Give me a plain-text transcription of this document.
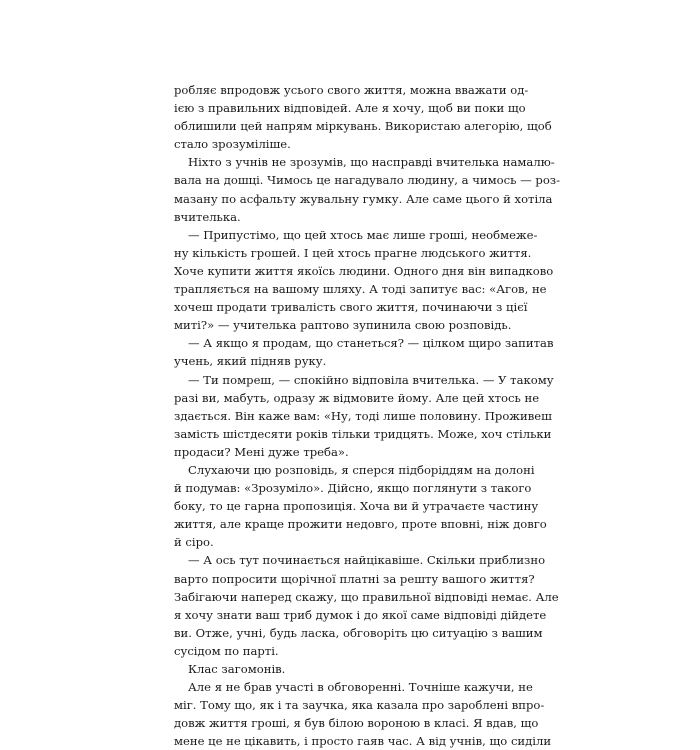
робляє впродовж усього свого життя, можна вважати од-
ією з правильних відповідей. Але я хочу, щоб ви поки що
облишили цей напрям міркувань. Використаю алегорію, щоб
стало зрозуміліше.
Ніхто з учнів не зрозумів, що насправді вчителька намалю-
вала на дошці. Чимось це нагадувало людину, а чимось — роз-
мазану по асфальту жувальну гумку. Але саме цього й хотіла
вчителька.
— Припустімо, що цей хтось має лише гроші, необмеже-
ну кількість грошей. І цей хтось прагне людського життя.
Хоче купити життя якоїсь людини. Одного дня він випадково
трапляється на вашому шляху. А тоді запитує вас: «Агов, не
хочеш продати тривалість свого життя, починаючи з цієї
миті?» — учителька раптово зупинила свою розповідь.
— А якщо я продам, що станеться? — цілком щиро запитав
учень, який підняв руку.
— Ти помреш, — спокійно відповіла вчителька. — У такому
разі ви, мабуть, одразу ж відмовите йому. Але цей хтось не
здається. Він каже вам: «Ну, тоді лише половину. Проживеш
замість шістдесяти років тільки тридцять. Може, хоч стільки
продаси? Мені дуже треба».
Слухаючи цю розповідь, я сперся підборіддям на долоні
й подумав: «Зрозуміло». Дійсно, якщо поглянути з такого
боку, то це гарна пропозиція. Хоча ви й утрачаєте частину
життя, але краще прожити недовго, проте вповні, ніж довго
й сіро.
— А ось тут починається найцікавіше. Скільки приблизно
варто попросити щорічної платні за решту вашого життя?
Забігаючи наперед скажу, що правильної відповіді немає. Але
я хочу знати ваш триб думок і до якої саме відповіді дійдете
ви. Отже, учні, будь ласка, обговоріть цю ситуацію з вашим
сусідом по парті.
Клас загомонів.
Але я не брав участі в обговоренні. Точніше кажучи, не
міг. Тому що, як і та заучка, яка казала про зароблені впро-
довж життя гроші, я був білою вороною в класі. Я вдав, що
мене це не цікавить, і просто гаяв час. А від учнів, що сиділи
